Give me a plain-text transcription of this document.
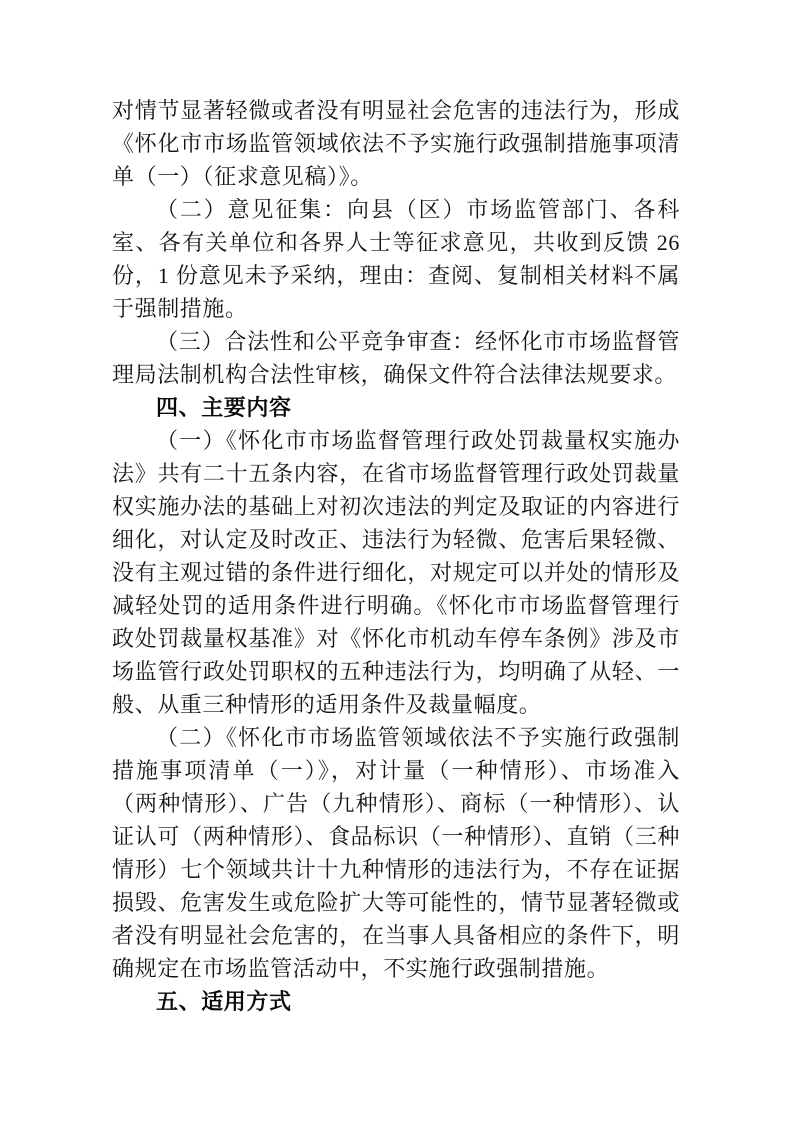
对情节显著轻微或者没有明显社会危害的违法行为，形成《怀化市市场监管领域依法不予实施行政强制措施事项清单（一）（征求意见稿）》。

（二）意见征集：向县（区）市场监管部门、各科室、各有关单位和各界人士等征求意见，共收到反馈 26 份，1 份意见未予采纳，理由：查阅、复制相关材料不属于强制措施。

（三）合法性和公平竞争审查：经怀化市市场监督管理局法制机构合法性审核，确保文件符合法律法规要求。

四、主要内容

（一）《怀化市市场监督管理行政处罚裁量权实施办法》共有二十五条内容，在省市场监督管理行政处罚裁量权实施办法的基础上对初次违法的判定及取证的内容进行细化，对认定及时改正、违法行为轻微、危害后果轻微、没有主观过错的条件进行细化，对规定可以并处的情形及减轻处罚的适用条件进行明确。《怀化市市场监督管理行政处罚裁量权基准》对《怀化市机动车停车条例》涉及市场监管行政处罚职权的五种违法行为，均明确了从轻、一般、从重三种情形的适用条件及裁量幅度。

（二）《怀化市市场监管领域依法不予实施行政强制措施事项清单（一）》，对计量（一种情形）、市场准入（两种情形）、广告（九种情形）、商标（一种情形）、认证认可（两种情形）、食品标识（一种情形）、直销（三种情形）七个领域共计十九种情形的违法行为，不存在证据损毁、危害发生或危险扩大等可能性的，情节显著轻微或者没有明显社会危害的，在当事人具备相应的条件下，明确规定在市场监管活动中，不实施行政强制措施。

五、适用方式
